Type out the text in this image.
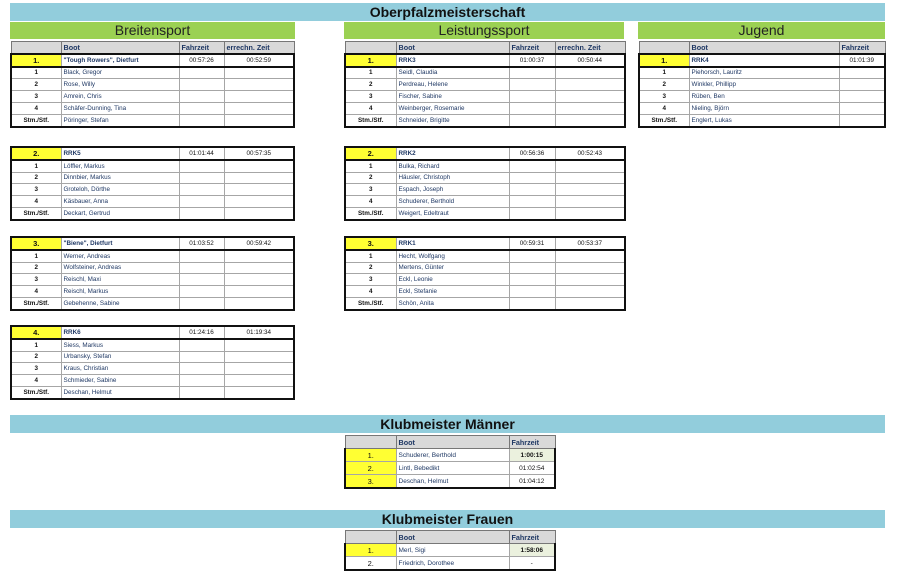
Oberpfalzmeisterschaft
Breitensport	Leistungssport	Jugend
Klubmeister Männer
	Boot	Fahrzeit
1.	Schuderer, Berthold	1:00:15
2.	Lintl, Bebedikt	01:02:54
3.	Deschan, Helmut	01:04:12
Klubmeister Frauen
	Boot	Fahrzeit
1.	Merl, Sigi	1:58:06
2.	Friedrich, Dorothee	-
	Boot	Fahrzeit	errechn. Zeit
1.	"Tough Rowers", Dietfurt	00:57:26	00:52:59
1	Black, Gregor		
2	Rose, Willy		
3	Amrein, Chris		
4	Schäfer-Dunning, Tina		
Stm./Stf.	Pöringer, Stefan		
2.	RRK5	01:01:44	00:57:35
1	Löffler, Markus		
2	Dinnbier, Markus		
3	Groteloh, Dörthe		
4	Käsbauer, Anna		
Stm./Stf.	Deckart, Gertrud		
3.	"Biene", Dietfurt	01:03:52	00:59:42
1	Werner, Andreas		
2	Wolfsteiner, Andreas		
3	Reischl, Maxi		
4	Reischl, Markus		
Stm./Stf.	Gebehenne, Sabine		
4.	RRK6	01:24:16	01:19:34
1	Siess, Markus		
2	Urbansky, Stefan		
3	Kraus, Christian		
4	Schmieder, Sabine		
Stm./Stf.	Deschan, Helmut		
	Boot	Fahrzeit	errechn. Zeit
1.	RRK3	01:00:37	00:50:44
1	Seidl, Claudia		
2	Perdreau, Helene		
3	Fischer, Sabine		
4	Weinberger, Rosemarie		
Stm./Stf.	Schneider, Brigitte		
2.	RRK2	00:56:36	00:52:43
1	Bulka, Richard		
2	Häusler, Christoph		
3	Espach, Joseph		
4	Schuderer, Berthold		
Stm./Stf.	Weigert, Edeltraut		
3.	RRK1	00:59:31	00:53:37
1	Hecht, Wolfgang		
2	Mertens, Günter		
3	Eckl, Leonie		
4	Eckl, Stefanie		
Stm./Stf.	Schön, Anita		
	Boot	Fahrzeit
1.	RRK4	01:01:39
1	Piehorsch, Lauritz	
2	Winkler, Phillipp	
3	Rüben, Ben	
4	Nieling, Björn	
Stm./Stf.	Englert, Lukas	
